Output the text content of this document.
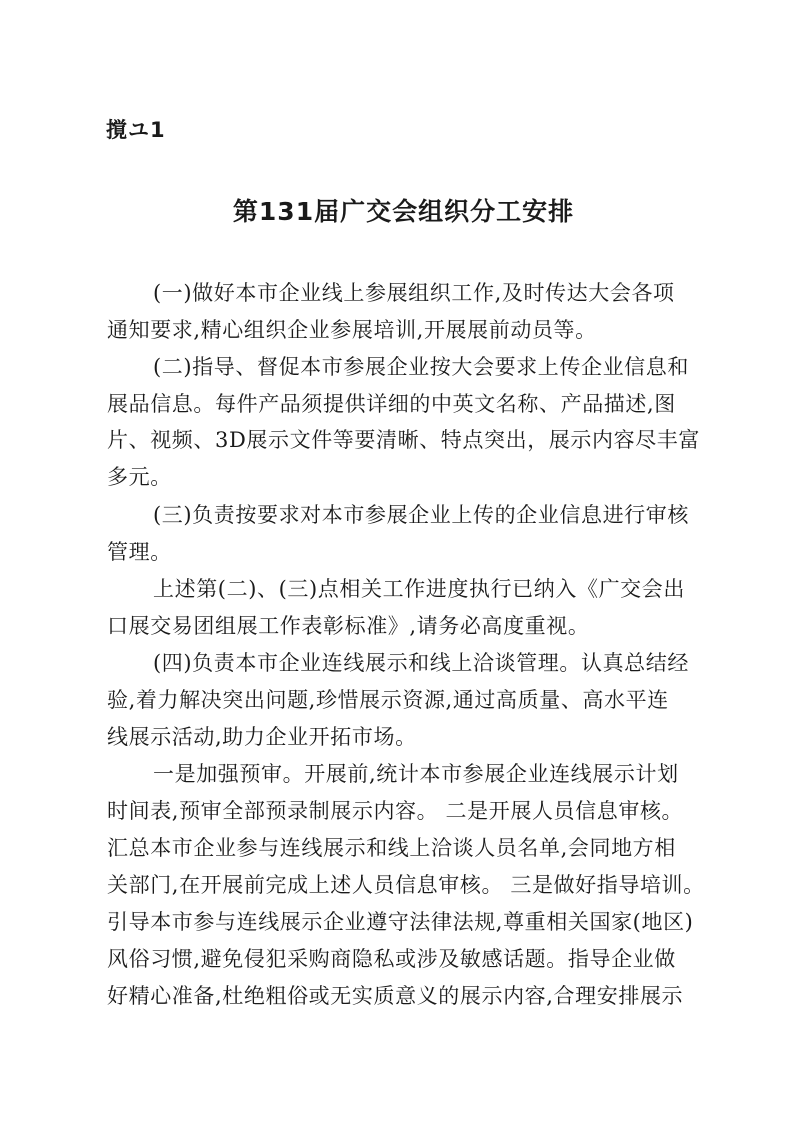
撹ユ1
第131届广交会组织分工安排
(一)做好本市企业线上参展组织工作,及时传达大会各项
通知要求,精心组织企业参展培训,开展展前动员等。
(二)指导、督促本市参展企业按大会要求上传企业信息和
展品信息。每件产品须提供详细的中英文名称、产品描述,图
片、视频、3D展示文件等要清晰、特点突出，展示内容尽丰富
多元。
(三)负责按要求对本市参展企业上传的企业信息进行审核
管理。
上述第(二)、(三)点相关工作进度执行已纳入《广交会出
口展交易团组展工作表彰标准》,请务必高度重视。
(四)负责本市企业连线展示和线上洽谈管理。认真总结经
验,着力解决突出问题,珍惜展示资源,通过高质量、高水平连
线展示活动,助力企业开拓市场。
一是加强预审。开展前,统计本市参展企业连线展示计划
时间表,预审全部预录制展示内容。 二是开展人员信息审核。
汇总本市企业参与连线展示和线上洽谈人员名单,会同地方相
关部门,在开展前完成上述人员信息审核。 三是做好指导培训。
引导本市参与连线展示企业遵守法律法规,尊重相关国家(地区)
风俗习惯,避免侵犯采购商隐私或涉及敏感话题。指导企业做
好精心准备,杜绝粗俗或无实质意义的展示内容,合理安排展示
